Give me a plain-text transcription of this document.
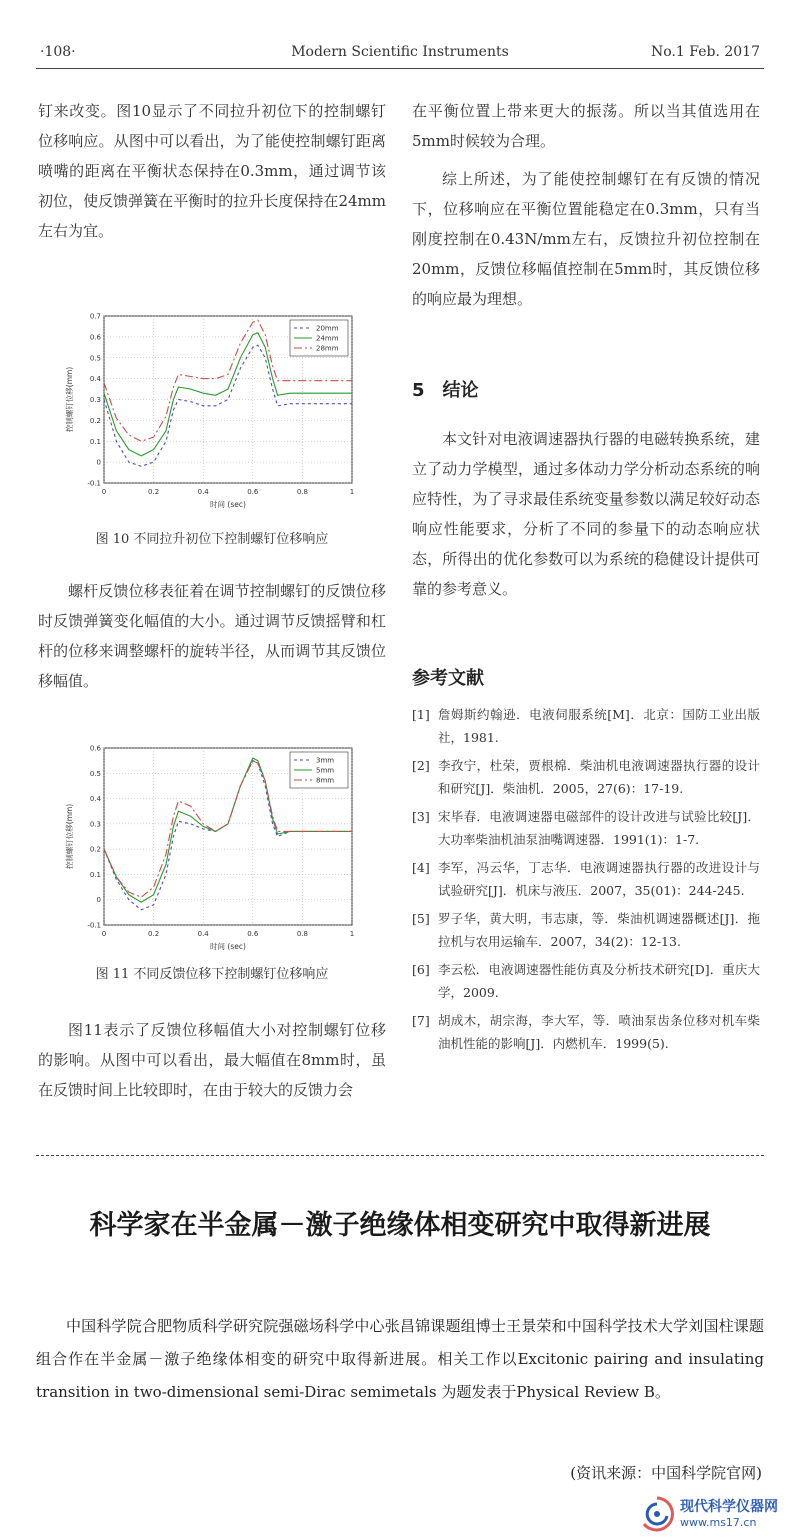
·108·	Modern Scientific Instruments	No.1 Feb. 2017

钉来改变。图10显示了不同拉升初位下的控制螺钉位移响应。从图中可以看出，为了能使控制螺钉距离喷嘴的距离在平衡状态保持在0.3mm，通过调节该初位，使反馈弹簧在平衡时的拉升长度保持在24mm左右为宜。

0	0.2	0.4	0.6	0.8	1
-0.1
0
0.1
0.2
0.3
0.4
0.5
0.6
0.7
时间 (sec)
控制螺钉位移(mm)
20mm
24mm
28mm
图 10 不同拉升初位下控制螺钉位移响应

螺杆反馈位移表征着在调节控制螺钉的反馈位移时反馈弹簧变化幅值的大小。通过调节反馈摇臂和杠杆的位移来调整螺杆的旋转半径，从而调节其反馈位移幅值。

0	0.2	0.4	0.6	0.8	1
-0.1
0
0.1
0.2
0.3
0.4
0.5
0.6
时间 (sec)
控制螺钉位移(mm)
3mm
5mm
8mm
图 11 不同反馈位移下控制螺钉位移响应

图11表示了反馈位移幅值大小对控制螺钉位移的影响。从图中可以看出，最大幅值在8mm时，虽在反馈时间上比较即时，在由于较大的反馈力会

在平衡位置上带来更大的振荡。所以当其值选用在5mm时候较为合理。

综上所述，为了能使控制螺钉在有反馈的情况下，位移响应在平衡位置能稳定在0.3mm，只有当刚度控制在0.43N/mm左右，反馈拉升初位控制在20mm，反馈位移幅值控制在5mm时，其反馈位移的响应最为理想。

5　结论

本文针对电液调速器执行器的电磁转换系统，建立了动力学模型，通过多体动力学分析动态系统的响应特性，为了寻求最佳系统变量参数以满足较好动态响应性能要求，分析了不同的参量下的动态响应状态，所得出的优化参数可以为系统的稳健设计提供可靠的参考意义。

参考文献
[1] 詹姆斯约翰逊．电液伺服系统[M]．北京：国防工业出版社，1981.
[2] 李孜宁，杜荣，贾根棉．柴油机电液调速器执行器的设计和研究[J]．柴油机．2005，27(6)：17-19.
[3] 宋毕春．电液调速器电磁部件的设计改进与试验比较[J]．大功率柴油机油泵油嘴调速器．1991(1)：1-7.
[4] 李军，冯云华，丁志华．电液调速器执行器的改进设计与试验研究[J]．机床与液压．2007，35(01)：244-245.
[5] 罗子华，黄大明，韦志康，等．柴油机调速器概述[J]．拖拉机与农用运输车．2007，34(2)：12-13.
[6] 李云松．电液调速器性能仿真及分析技术研究[D]．重庆大学，2009.
[7] 胡成木，胡宗海，李大军，等．喷油泵齿条位移对机车柴油机性能的影响[J]．内燃机车．1999(5).
科学家在半金属－激子绝缘体相变研究中取得新进展

中国科学院合肥物质科学研究院强磁场科学中心张昌锦课题组博士王景荣和中国科学技术大学刘国柱课题组合作在半金属－激子绝缘体相变的研究中取得新进展。相关工作以Excitonic pairing and insulating transition in two-dimensional semi-Dirac semimetals 为题发表于Physical Review B。

(资讯来源：中国科学院官网)
现代科学仪器网
www.ms17.cn
